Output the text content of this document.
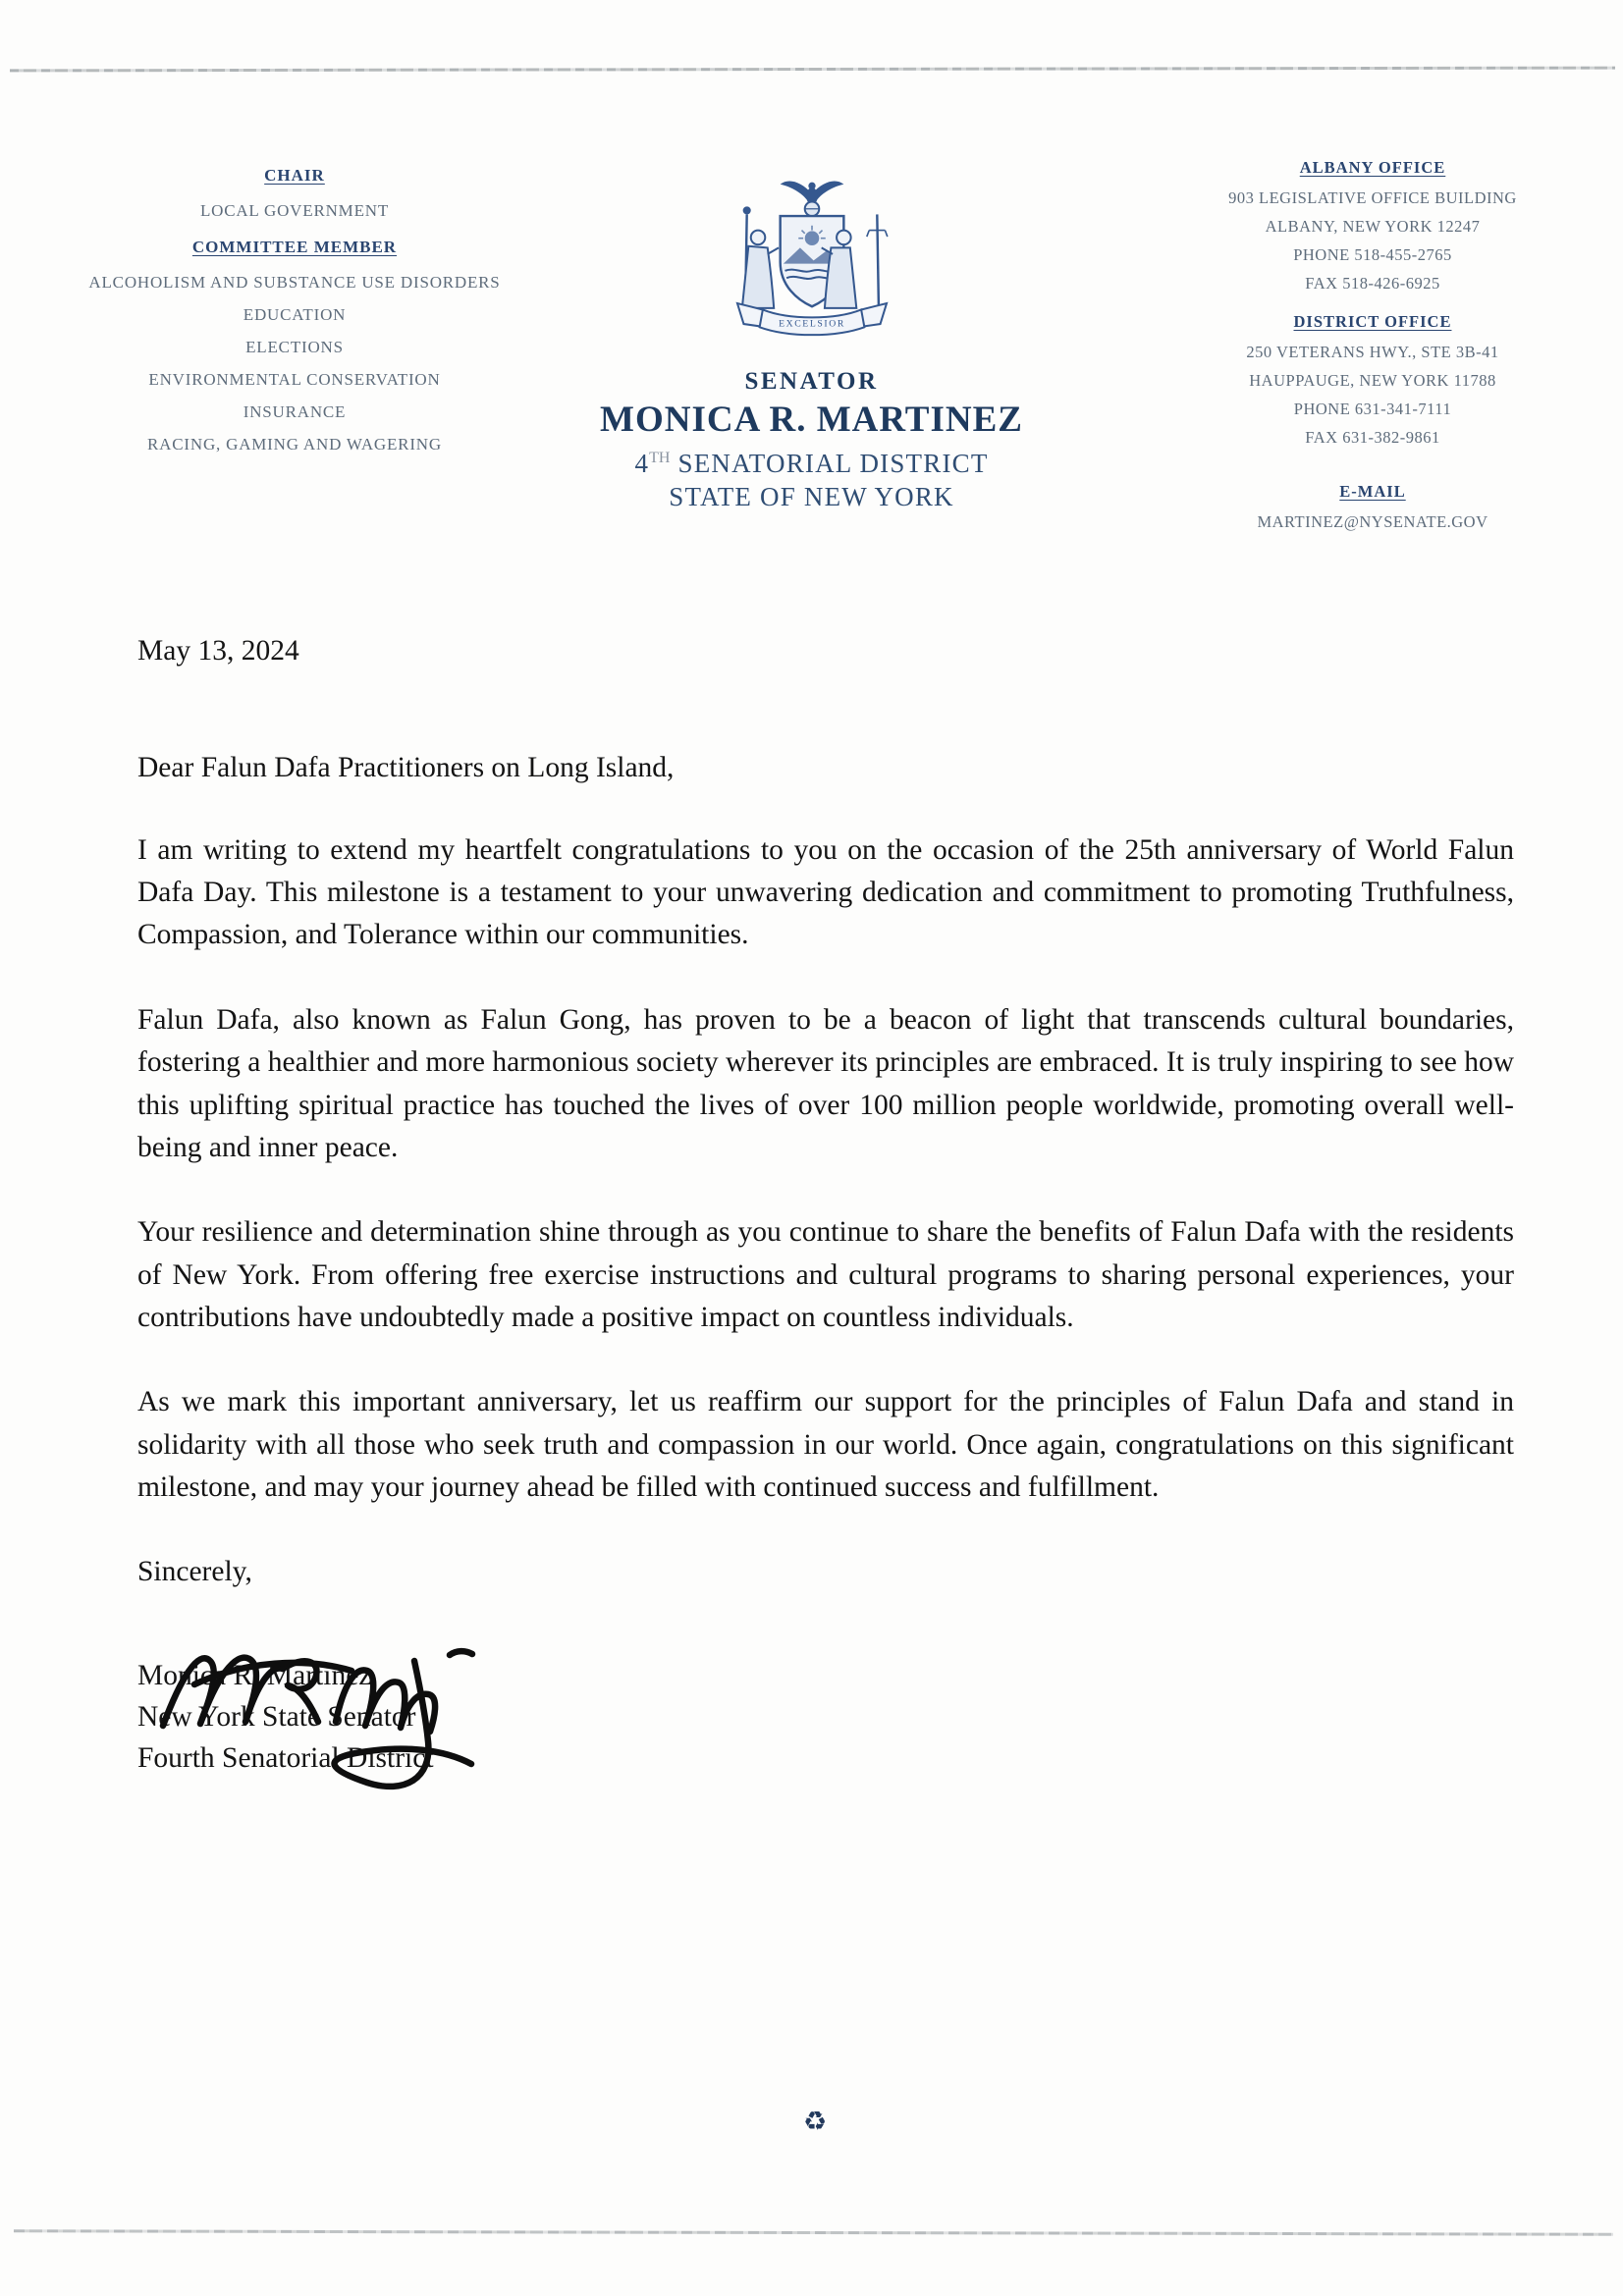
CHAIR
LOCAL GOVERNMENT
COMMITTEE MEMBER
ALCOHOLISM AND SUBSTANCE USE DISORDERS
EDUCATION
ELECTIONS
ENVIRONMENTAL CONSERVATION
INSURANCE
RACING, GAMING AND WAGERING
EXCELSIOR
SENATOR
MONICA R. MARTINEZ
4TH SENATORIAL DISTRICT
STATE OF NEW YORK
ALBANY OFFICE
903 LEGISLATIVE OFFICE BUILDING
ALBANY, NEW YORK 12247
PHONE 518-455-2765
FAX 518-426-6925
DISTRICT OFFICE
250 VETERANS HWY., STE 3B-41
HAUPPAUGE, NEW YORK 11788
PHONE 631-341-7111
FAX 631-382-9861
E-MAIL
MARTINEZ@NYSENATE.GOV

May 13, 2024

Dear Falun Dafa Practitioners on Long Island,

I am writing to extend my heartfelt congratulations to you on the occasion of the 25th anniversary of World Falun Dafa Day. This milestone is a testament to your unwavering dedication and commitment to promoting Truthfulness, Compassion, and Tolerance within our communities.

Falun Dafa, also known as Falun Gong, has proven to be a beacon of light that transcends cultural boundaries, fostering a healthier and more harmonious society wherever its principles are embraced. It is truly inspiring to see how this uplifting spiritual practice has touched the lives of over 100 million people worldwide, promoting overall well-being and inner peace.

Your resilience and determination shine through as you continue to share the benefits of Falun Dafa with the residents of New York. From offering free exercise instructions and cultural programs to sharing personal experiences, your contributions have undoubtedly made a positive impact on countless individuals.

As we mark this important anniversary, let us reaffirm our support for the principles of Falun Dafa and stand in solidarity with all those who seek truth and compassion in our world. Once again, congratulations on this significant milestone, and may your journey ahead be filled with continued success and fulfillment.

Sincerely,

Monica R. Martinez
New York State Senator
Fourth Senatorial District
♻
